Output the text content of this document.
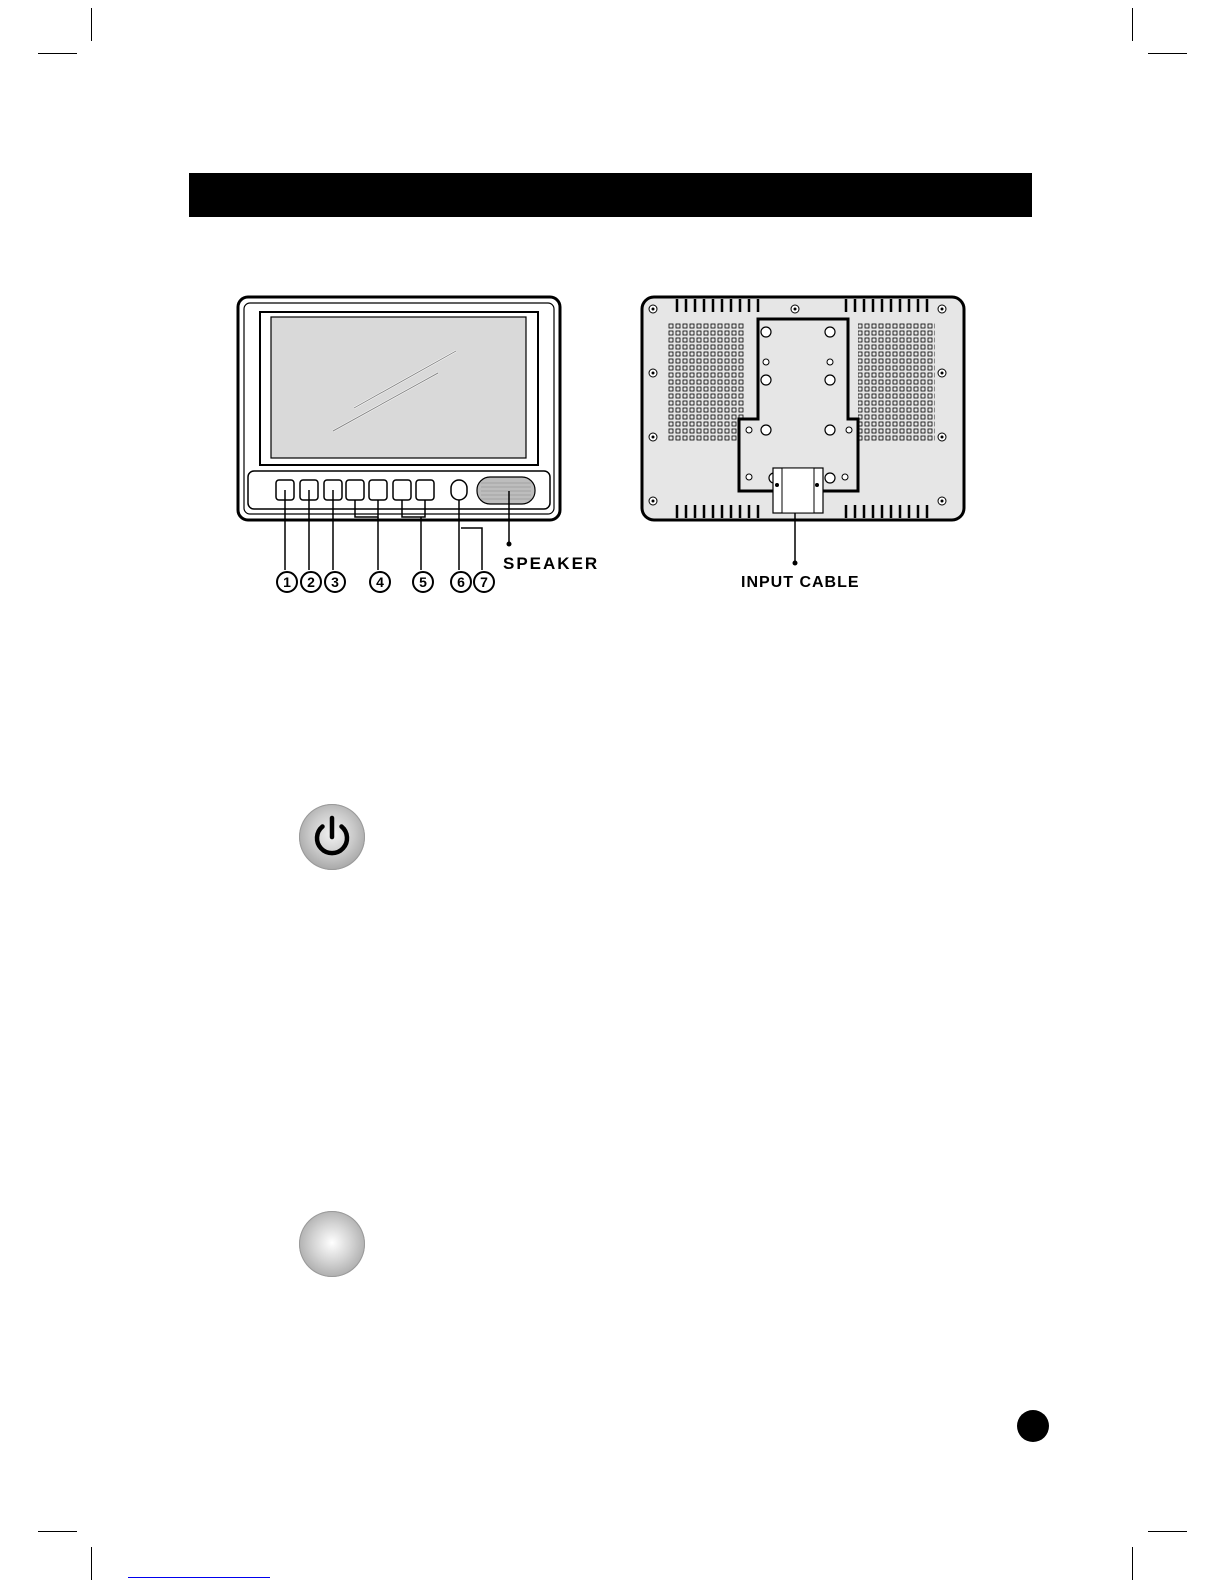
1	2	3	4	5	6	7
SPEAKER
INPUT CABLE
